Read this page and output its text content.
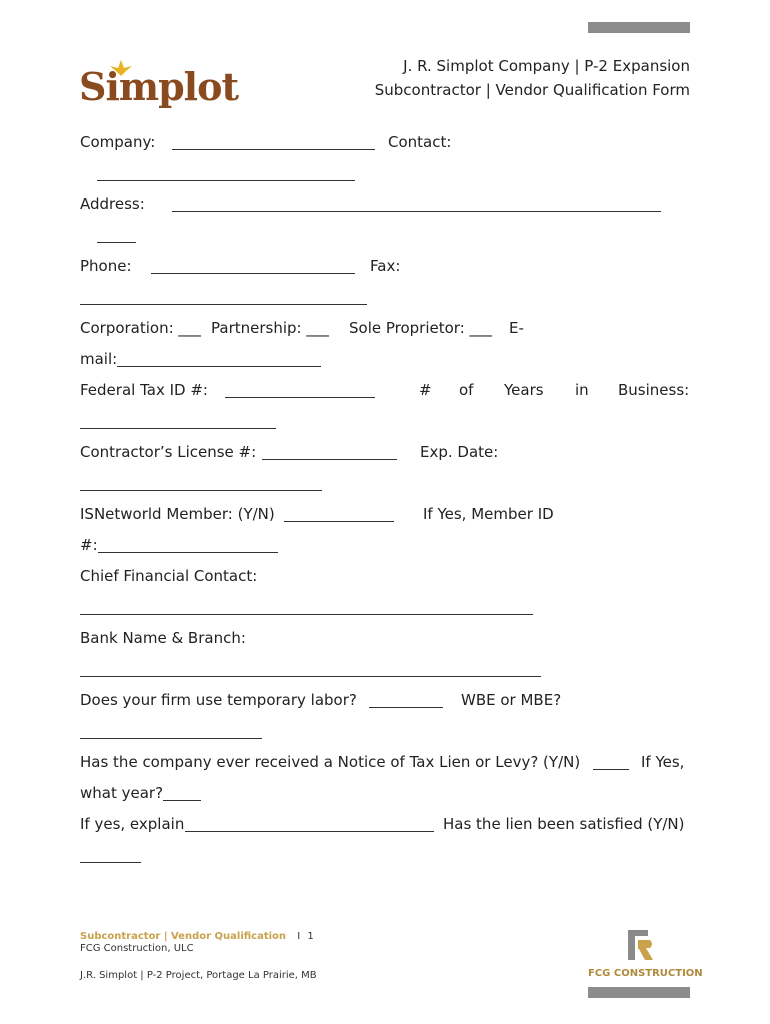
Simplot	J. R. Simplot Company | P-2 Expansion
Subcontractor | Vendor Qualification Form
Company:	Contact:
Address:
Phone:	Fax:
Corporation: ___ Partnership: ___ Sole Proprietor: ___ E-
mail:
Federal Tax ID #:	# of Years in Business:
Contractor’s License #:	Exp. Date:
ISNetworld Member: (Y/N)	If Yes, Member ID
#:
Chief Financial Contact:
Bank Name & Branch:
Does your firm use temporary labor?	WBE or MBE?
Has the company ever received a Notice of Tax Lien or Levy? (Y/N)	If Yes,
what year?
If yes, explain	Has the lien been satisfied (Y/N)
Subcontractor | Vendor Qualification I 1
FCG Construction, ULC
J.R. Simplot | P-2 Project, Portage La Prairie, MB	FCG CONSTRUCTION
